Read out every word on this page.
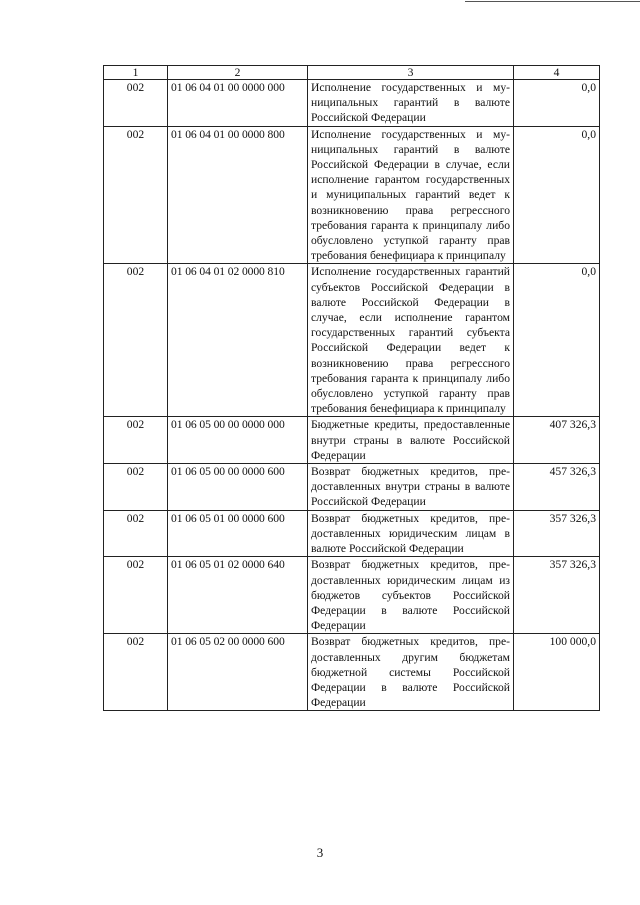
1	2	3	4
002	01 06 04 01 00 0000 000	Исполнение государственных и муниципальных гарантий в валюте Российской Федерации	0,0
002	01 06 04 01 00 0000 800	Исполнение государственных и муниципальных гарантий в валюте Российской Федерации в случае, если исполнение гарантом государственных и муниципальных гарантий ведет к возникновению права регрессного требования гаранта к принципалу либо обусловлено уступкой гаранту прав требования бенефициара к принципалу	0,0
002	01 06 04 01 02 0000 810	Исполнение государственных гарантий субъектов Российской Федерации в валюте Российской Федерации в случае, если исполнение гарантом государственных гарантий субъекта Российской Федерации ведет к возникновению права регрессного требования гаранта к принципалу либо обусловлено уступкой гаранту прав требования бенефициара к принципалу	0,0
002	01 06 05 00 00 0000 000	Бюджетные кредиты, предоставленные внутри страны в валюте Российской Федерации	407 326,3
002	01 06 05 00 00 0000 600	Возврат бюджетных кредитов, предоставленных внутри страны в валюте Российской Федерации	457 326,3
002	01 06 05 01 00 0000 600	Возврат бюджетных кредитов, предоставленных юридическим лицам в валюте Российской Федерации	357 326,3
002	01 06 05 01 02 0000 640	Возврат бюджетных кредитов, предоставленных юридическим лицам из бюджетов субъектов Российской Федерации в валюте Российской Федерации	357 326,3
002	01 06 05 02 00 0000 600	Возврат бюджетных кредитов, предоставленных другим бюджетам бюджетной системы Российской Федерации в валюте Российской Федерации	100 000,0
3
